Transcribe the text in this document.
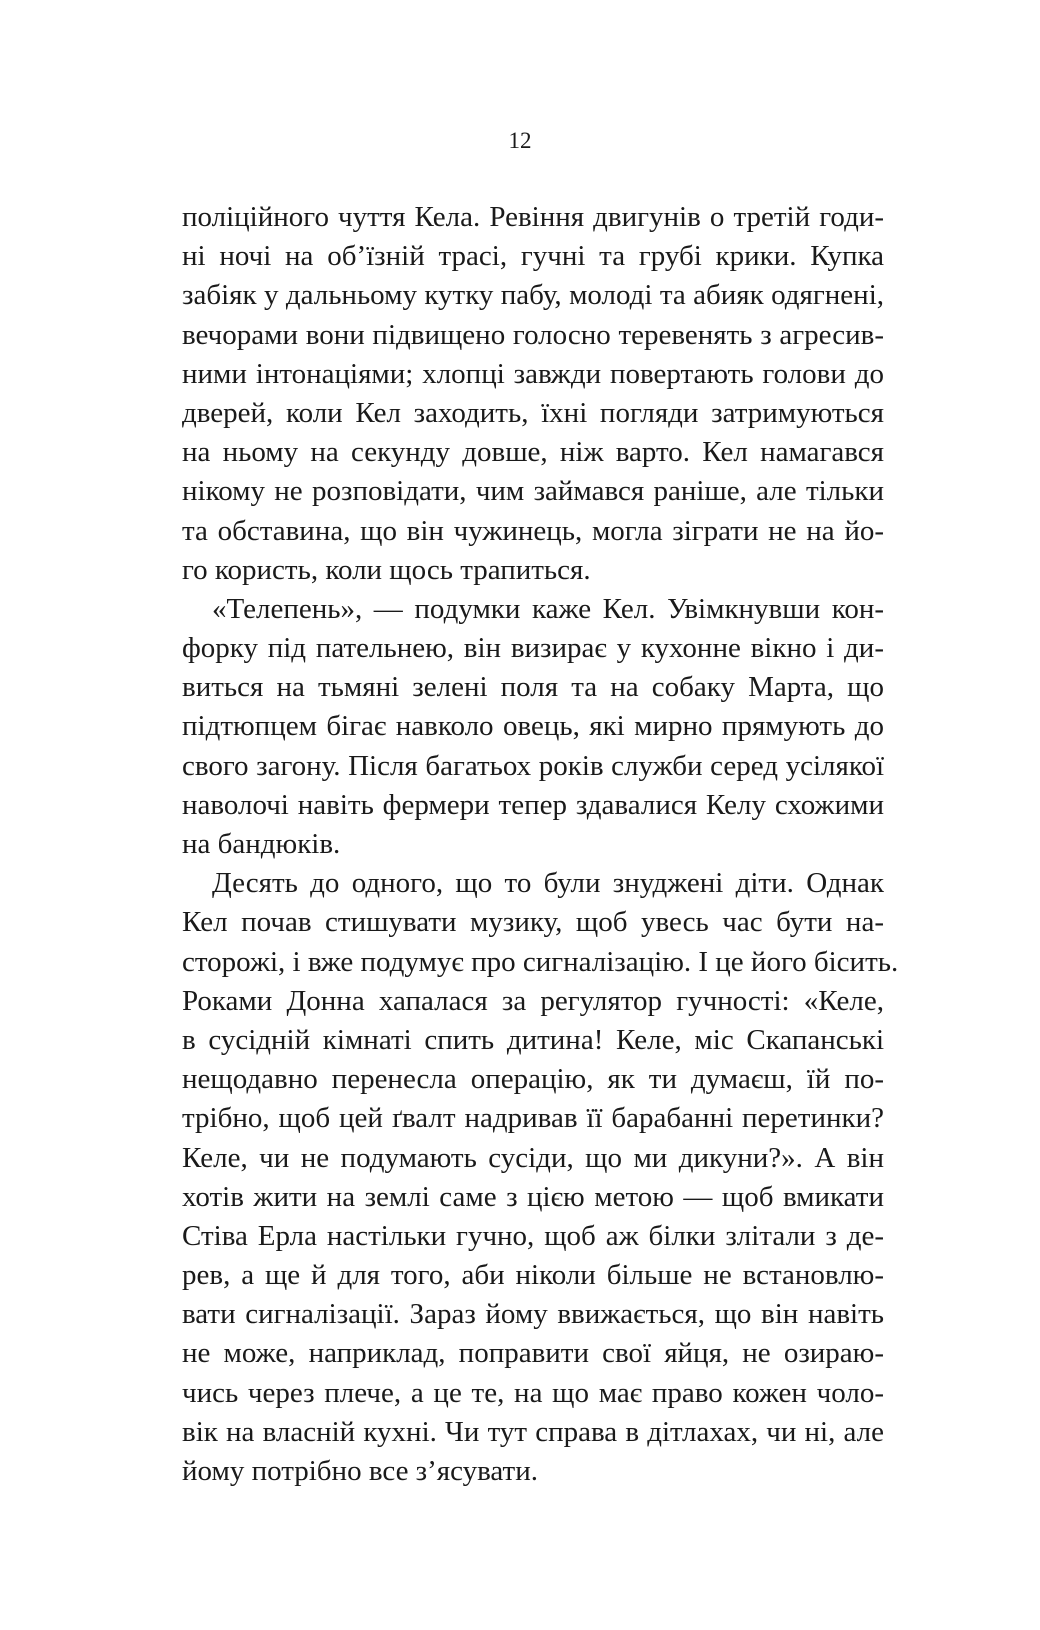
12
поліційного чуття Кела. Ревіння двигунів о третій годи-
ні ночі на об’їзній трасі, гучні та грубі крики. Купка
забіяк у дальньому кутку пабу, молоді та абияк одягнені,
вечорами вони підвищено голосно теревенять з агресив-
ними інтонаціями; хлопці завжди повертають голови до
дверей, коли Кел заходить, їхні погляди затримуються
на ньому на секунду довше, ніж варто. Кел намагався
нікому не розповідати, чим займався раніше, але тільки
та обставина, що він чужинець, могла зіграти не на йо-
го користь, коли щось трапиться.
«Телепень», — подумки каже Кел. Увімкнувши кон-
форку під пательнею, він визирає у кухонне вікно і ди-
виться на тьмяні зелені поля та на собаку Марта, що
підтюпцем бігає навколо овець, які мирно прямують до
свого загону. Після багатьох років служби серед усілякої
наволочі навіть фермери тепер здавалися Келу схожими
на бандюків.
Десять до одного, що то були знуджені діти. Однак
Кел почав стишувати музику, щоб увесь час бути на-
сторожі, і вже подумує про сигналізацію. І це його бісить.
Роками Донна хапалася за регулятор гучності: «Келе,
в сусідній кімнаті спить дитина! Келе, міс Скапанські
нещодавно перенесла операцію, як ти думаєш, їй по-
трібно, щоб цей ґвалт надривав її барабанні перетинки?
Келе, чи не подумають сусіди, що ми дикуни?». А він
хотів жити на землі саме з цією метою — щоб вмикати
Стіва Ерла настільки гучно, щоб аж білки злітали з де-
рев, а ще й для того, аби ніколи більше не встановлю-
вати сигналізації. Зараз йому ввижається, що він навіть
не може, наприклад, поправити свої яйця, не озираю-
чись через плече, а це те, на що має право кожен чоло-
вік на власній кухні. Чи тут справа в дітлахах, чи ні, але
йому потрібно все з’ясувати.
